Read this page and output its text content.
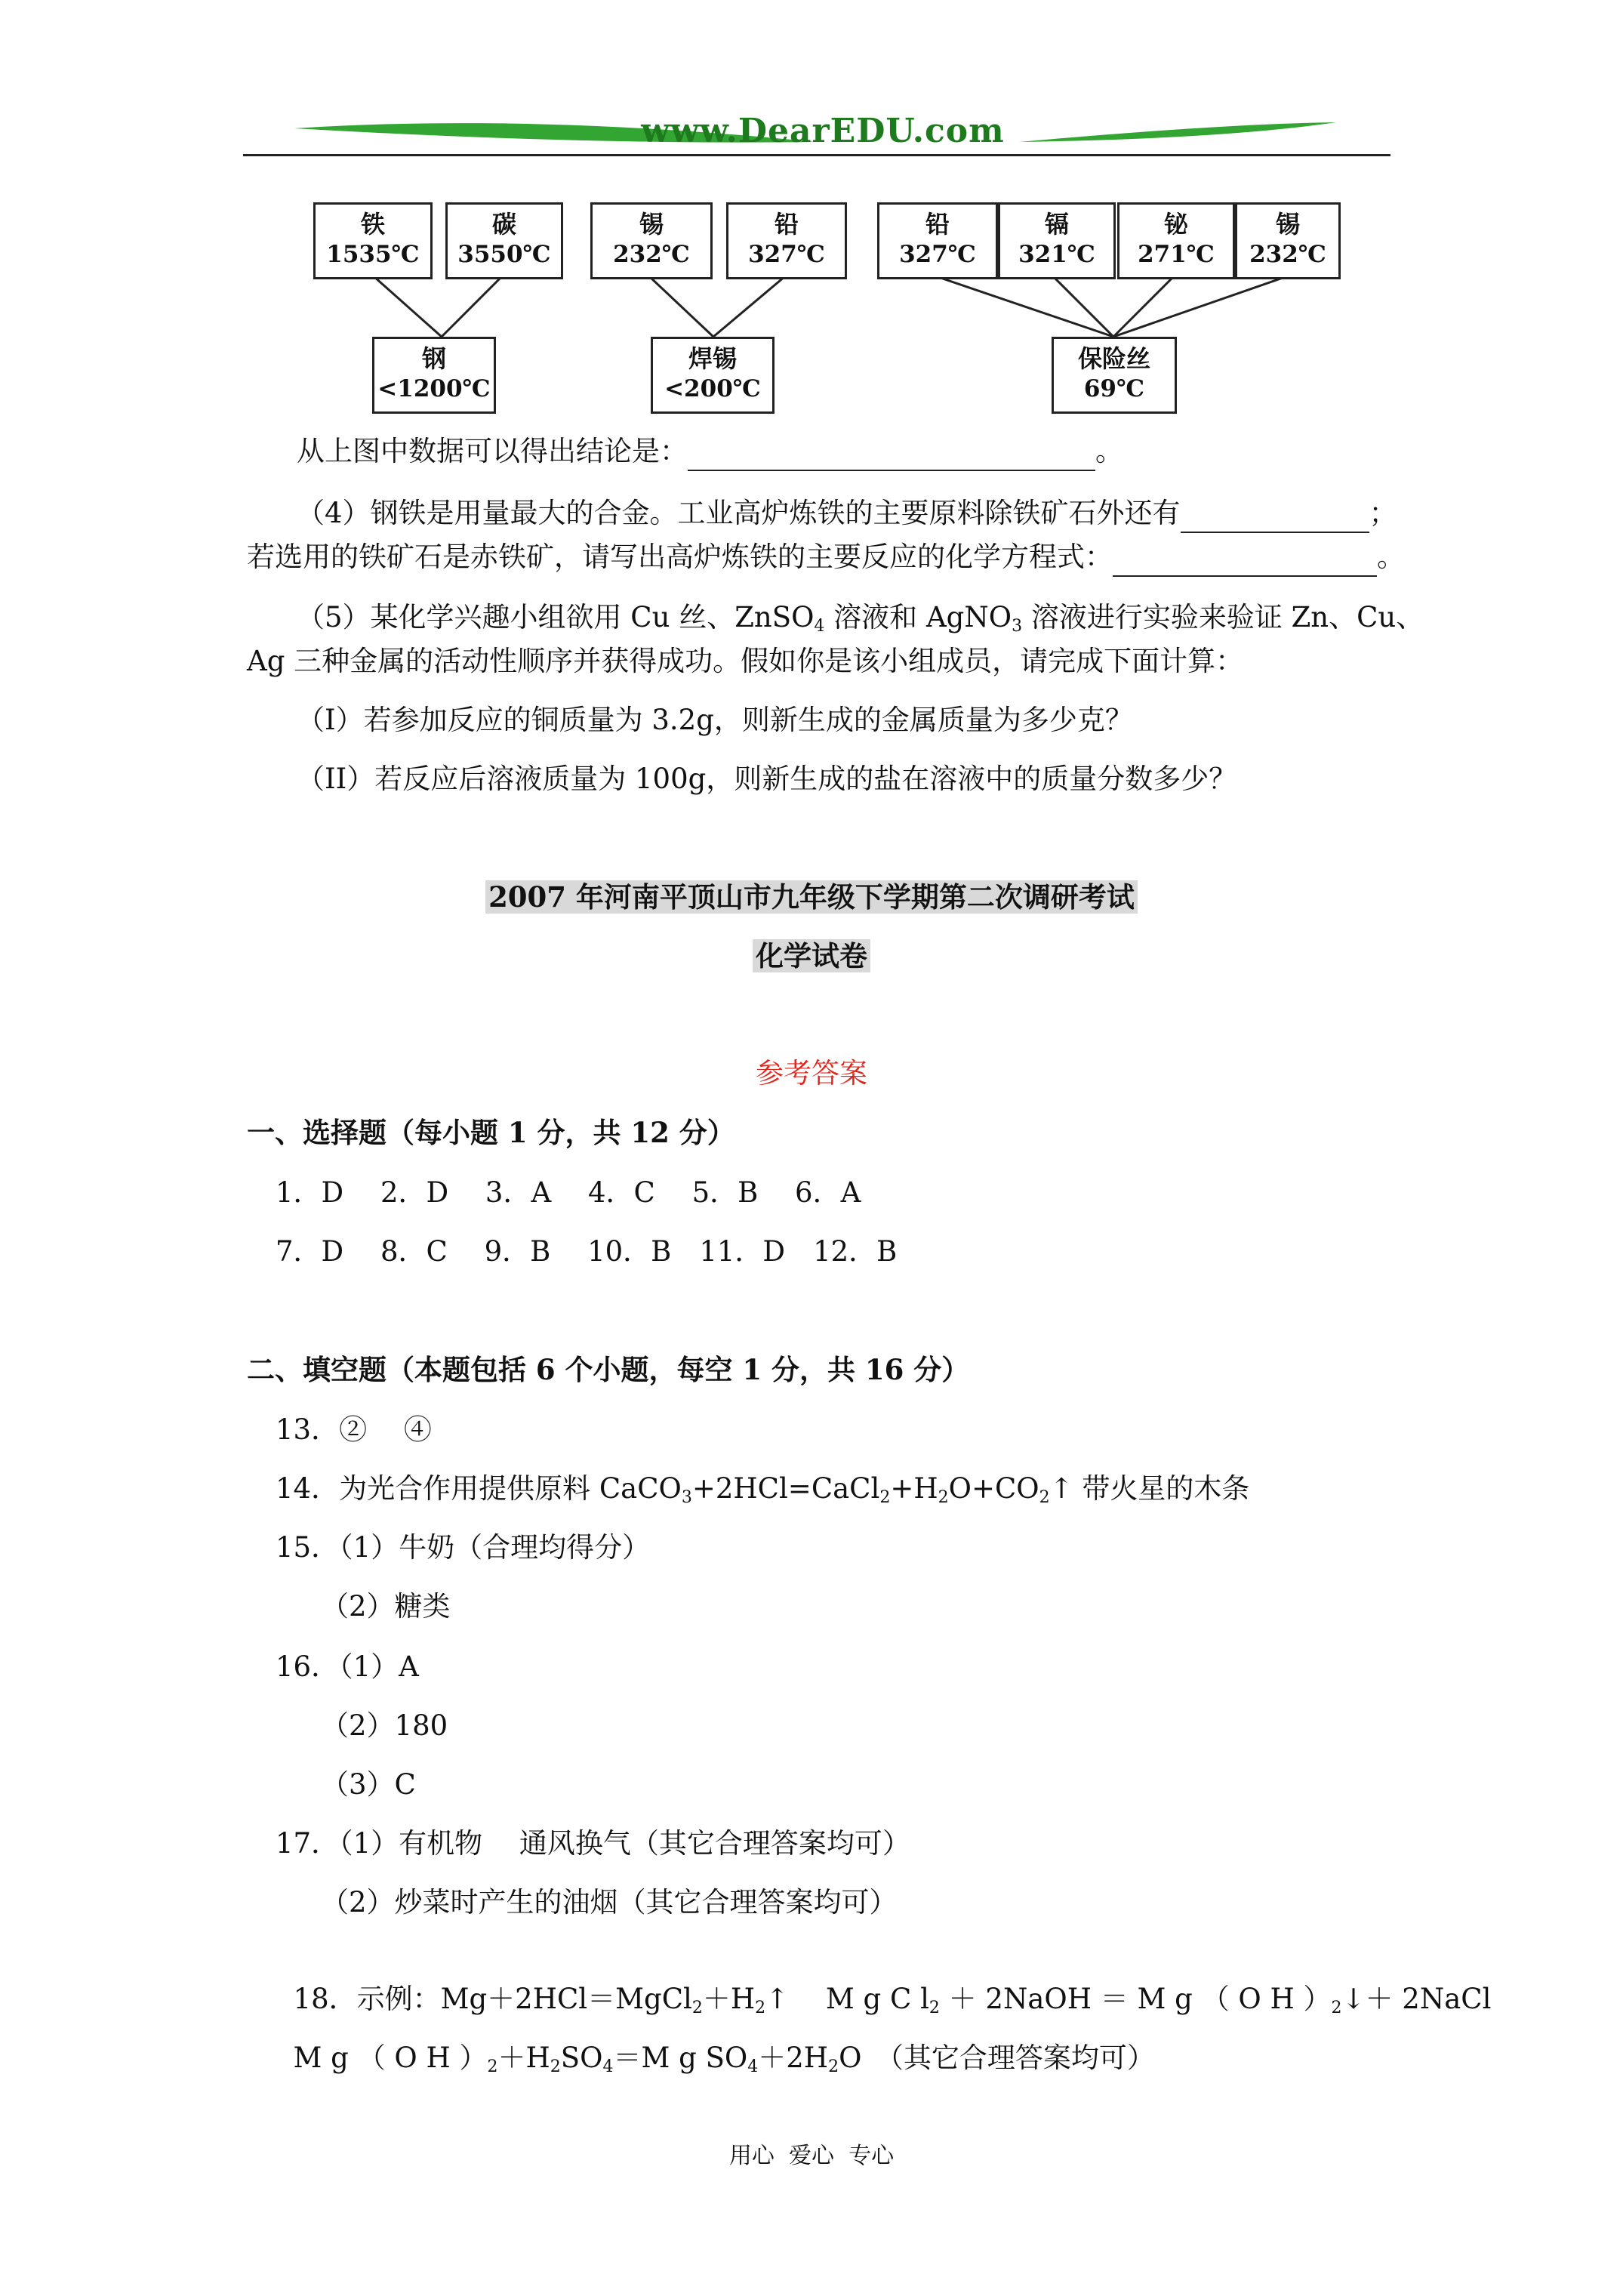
www.DearEDU.com
铁
1535℃
碳
3550℃
钢
<1200℃
锡
232℃
铅
327℃
焊锡
<200℃
铅
327℃
镉
321℃
铋
271℃
锡
232℃
保险丝
69℃
从上图中数据可以得出结论是：	。
（4）钢铁是用量最大的合金。工业高炉炼铁的主要原料除铁矿石外还有	；
若选用的铁矿石是赤铁矿，请写出高炉炼铁的主要反应的化学方程式：	。
（5）某化学兴趣小组欲用 Cu 丝、ZnSO$_4$ 溶液和 AgNO$_3$ 溶液进行实验来验证 Zn、Cu、
Ag 三种金属的活动性顺序并获得成功。假如你是该小组成员，请完成下面计算：
（I）若参加反应的铜质量为 3.2g，则新生成的金属质量为多少克？
（II）若反应后溶液质量为 100g，则新生成的盐在溶液中的质量分数多少？
2007 年河南平顶山市九年级下学期第二次调研考试
化学试卷
参考答案
一、选择题（每小题 1 分，共 12 分）
1．D　 2．D　 3．A　 4．C　 5．B　 6．A
7．D　 8．C　 9．B　 10．B　11．D　12．B
二、填空题（本题包括 6 个小题，每空 1 分，共 16 分）
13．②　 ④
14．为光合作用提供原料 $CaCO_3+2HCl=CaCl_2+H_2O+CO_2↑$ 带火星的木条
15．（1）牛奶（合理均得分）
（2）糖类
16．（1）A
（2）180
（3）C
17．（1）有机物　 通风换气（其它合理答案均可）
（2）炒菜时产生的油烟（其它合理答案均可）

18．示例：$Mg+2HCl=MgCl_2+H_2↑$　 M g C $l_2$ ＋ 2NaOH ＝ M g （ O H ）$_2↓+$ 2NaCl

M g （ O H ）$_2+H_2SO_4=M$ g $SO_4+2H_2O$　（其它合理答案均可）

用心  爱心  专心
